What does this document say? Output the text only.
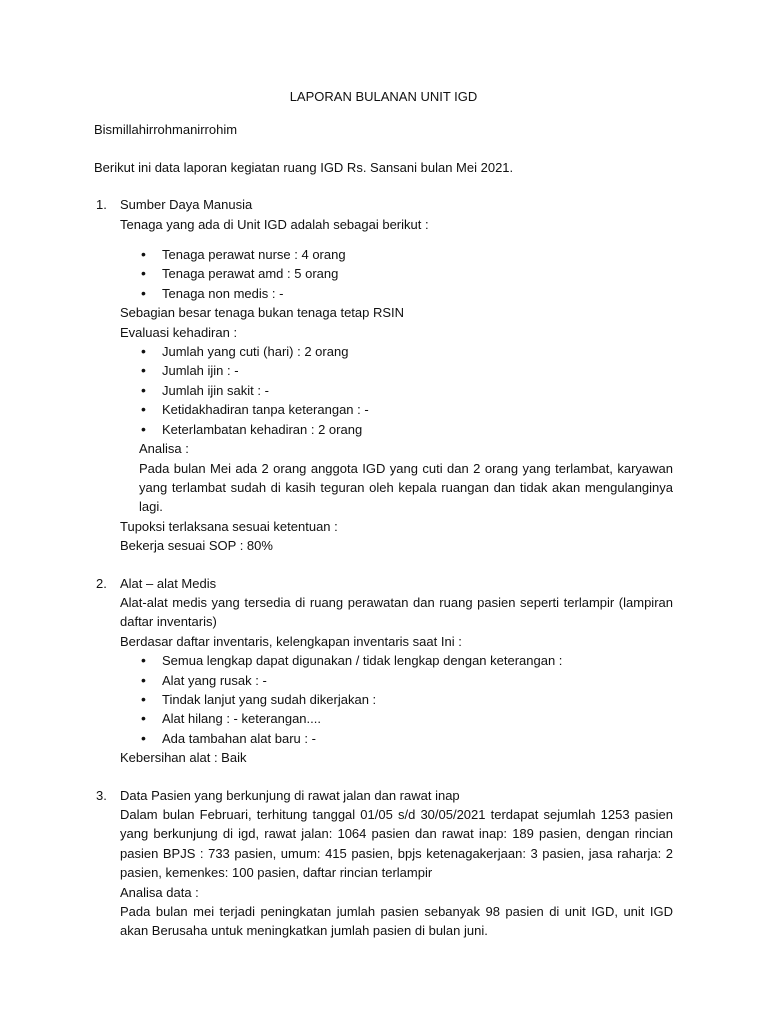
LAPORAN BULANAN UNIT IGD

Bismillahirrohmanirrohim

Berikut ini data laporan kegiatan ruang IGD Rs. Sansani bulan Mei 2021.

1. Sumber Daya Manusia

Tenaga yang ada di Unit IGD adalah sebagai berikut :

• Tenaga perawat nurse : 4 orang
• Tenaga perawat amd : 5 orang
• Tenaga non medis : -

Sebagian besar tenaga bukan tenaga tetap RSIN

Evaluasi kehadiran :

• Jumlah yang cuti (hari) : 2 orang
• Jumlah ijin : -
• Jumlah ijin sakit : -
• Ketidakhadiran tanpa keterangan : -
• Keterlambatan kehadiran : 2 orang

Analisa :

Pada bulan Mei ada 2 orang anggota IGD yang cuti dan 2 orang yang terlambat, karyawan yang terlambat sudah di kasih teguran oleh kepala ruangan dan tidak akan mengulanginya lagi.

Tupoksi terlaksana sesuai ketentuan :

Bekerja sesuai SOP : 80%

2. Alat – alat Medis

Alat-alat medis yang tersedia di ruang perawatan dan ruang pasien seperti terlampir (lampiran daftar inventaris)

Berdasar daftar inventaris, kelengkapan inventaris saat Ini :

• Semua lengkap dapat digunakan / tidak lengkap dengan keterangan :
• Alat yang rusak : -
• Tindak lanjut yang sudah dikerjakan :
• Alat hilang : - keterangan....
• Ada tambahan alat baru : -

Kebersihan alat : Baik

3. Data Pasien yang berkunjung di rawat jalan dan rawat inap

Dalam bulan Februari, terhitung tanggal 01/05 s/d 30/05/2021 terdapat sejumlah 1253 pasien yang berkunjung di igd, rawat jalan: 1064 pasien dan rawat inap: 189 pasien, dengan rincian pasien BPJS : 733 pasien, umum: 415 pasien, bpjs ketenagakerjaan: 3 pasien, jasa raharja: 2 pasien, kemenkes: 100 pasien, daftar rincian terlampir

Analisa data :

Pada bulan mei terjadi peningkatan jumlah pasien sebanyak 98 pasien di unit IGD, unit IGD akan Berusaha untuk meningkatkan jumlah pasien di bulan juni.
